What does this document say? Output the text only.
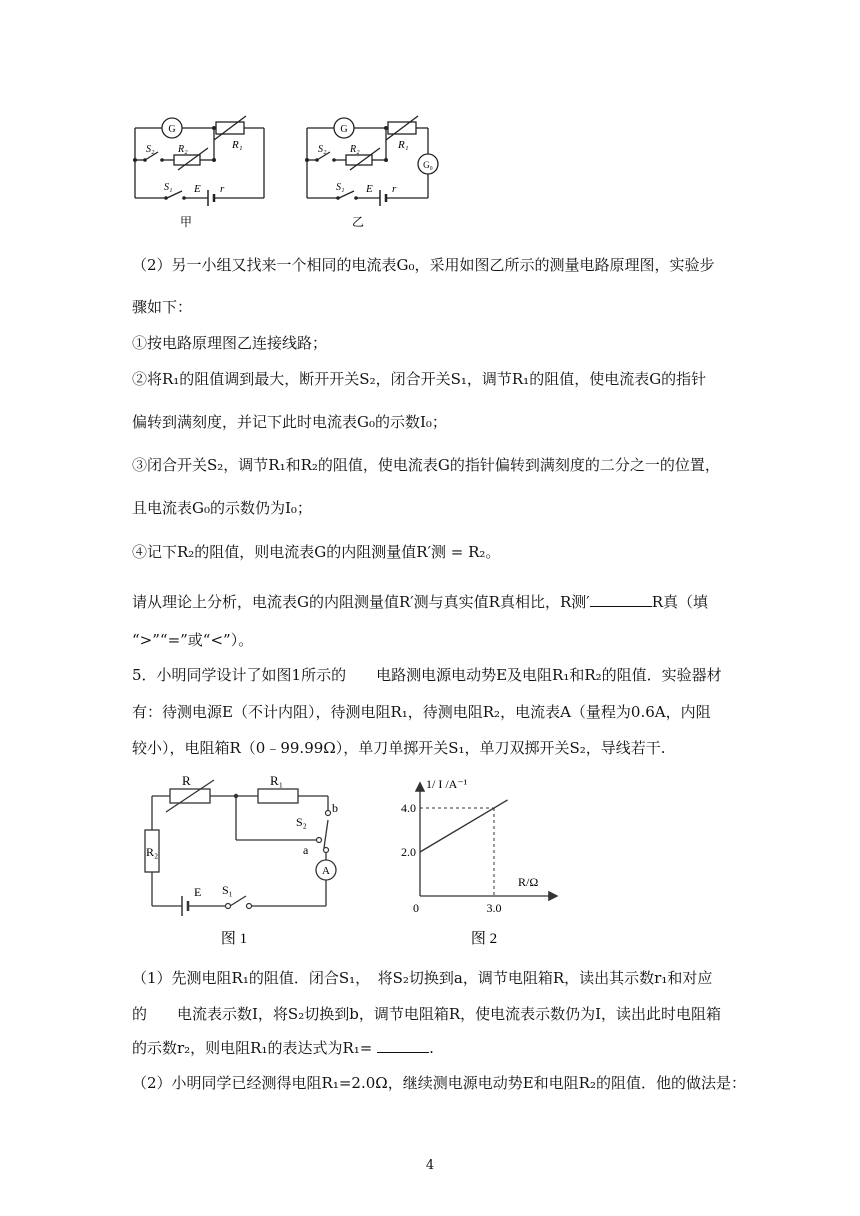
G
R₁
S₂ R₂
S₁ E r
甲
G
G₀
R₁
S₂ R₂
S₁ E r
乙
（2）另一小组又找来一个相同的电流表G₀，采用如图乙所示的测量电路原理图，实验步
骤如下：
①按电路原理图乙连接线路；
②将R₁的阻值调到最大，断开开关S₂，闭合开关S₁，调节R₁的阻值，使电流表G的指针
偏转到满刻度，并记下此时电流表G₀的示数I₀；
③闭合开关S₂，调节R₁和R₂的阻值，使电流表G的指针偏转到满刻度的二分之一的位置，
且电流表G₀的示数仍为I₀；
④记下R₂的阻值，则电流表G的内阻测量值R′测 = R₂。
请从理论上分析，电流表G的内阻测量值R′测与真实值R真相比，R测′	R真（填
“>”“=”或“<”）。
5．小明同学设计了如图1所示的　　电路测电源电动势E及电阻R₁和R₂的阻值．实验器材
有：待测电源E（不计内阻），待测电阻R₁，待测电阻R₂，电流表A（量程为0.6A，内阻
较小），电阻箱R（0﹣99.99Ω），单刀单掷开关S₁，单刀双掷开关S₂，导线若干.
R	R₁
R₂
S₂
b
a
A
E S₁
图 1
4.0
2.0
3.0
1/ I /A⁻¹
R/Ω
0
图 2
（1）先测电阻R₁的阻值．闭合S₁，　将S₂切换到a，调节电阻箱R，读出其示数r₁和对应
的　　电流表示数I，将S₂切换到b，调节电阻箱R，使电流表示数仍为I，读出此时电阻箱
的示数r₂，则电阻R₁的表达式为R₁=	.
（2）小明同学已经测得电阻R₁=2.0Ω，继续测电源电动势E和电阻R₂的阻值．他的做法是：
4
